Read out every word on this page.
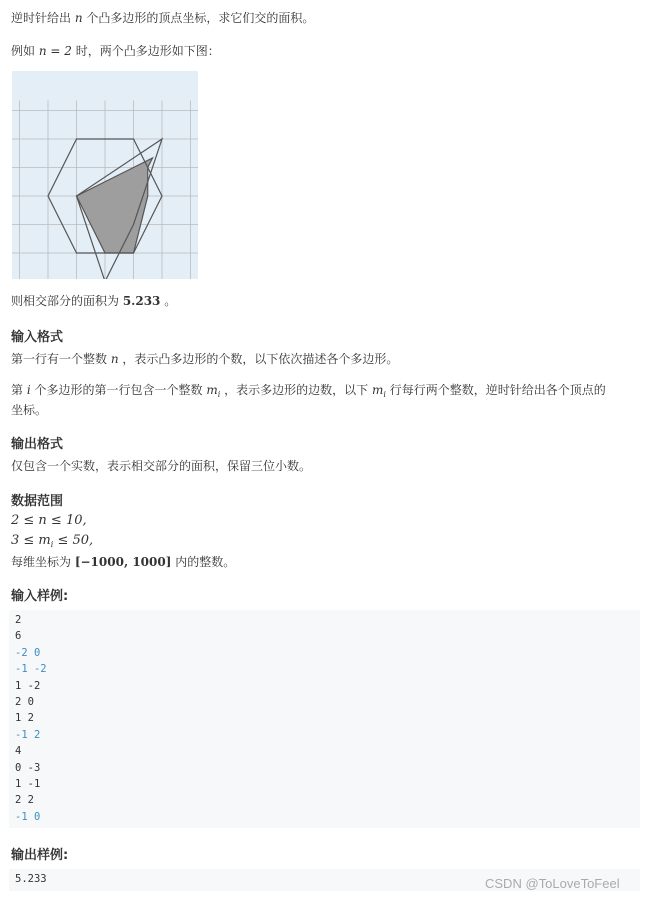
逆时针给出 n 个凸多边形的顶点坐标，求它们交的面积。
例如 n = 2 时，两个凸多边形如下图：
则相交部分的面积为 5.233 。
输入格式
第一行有一个整数 n ，表示凸多边形的个数，以下依次描述各个多边形。
第 i 个多边形的第一行包含一个整数 $m_i$ ，表示多边形的边数，以下 $m_i$ 行每行两个整数，逆时针给出各个顶点的
坐标。
输出格式
仅包含一个实数，表示相交部分的面积，保留三位小数。
数据范围
2 ≤ n ≤ 10,
$3 \le m_i \le 50$,
每维坐标为 [−1000, 1000] 内的整数。
输入样例:
2
6
-2 0
-1 -2
1 -2
2 0
1 2
-1 2
4
0 -3
1 -1
2 2
-1 0
输出样例:
5.233	CSDN @ToLoveToFeel
